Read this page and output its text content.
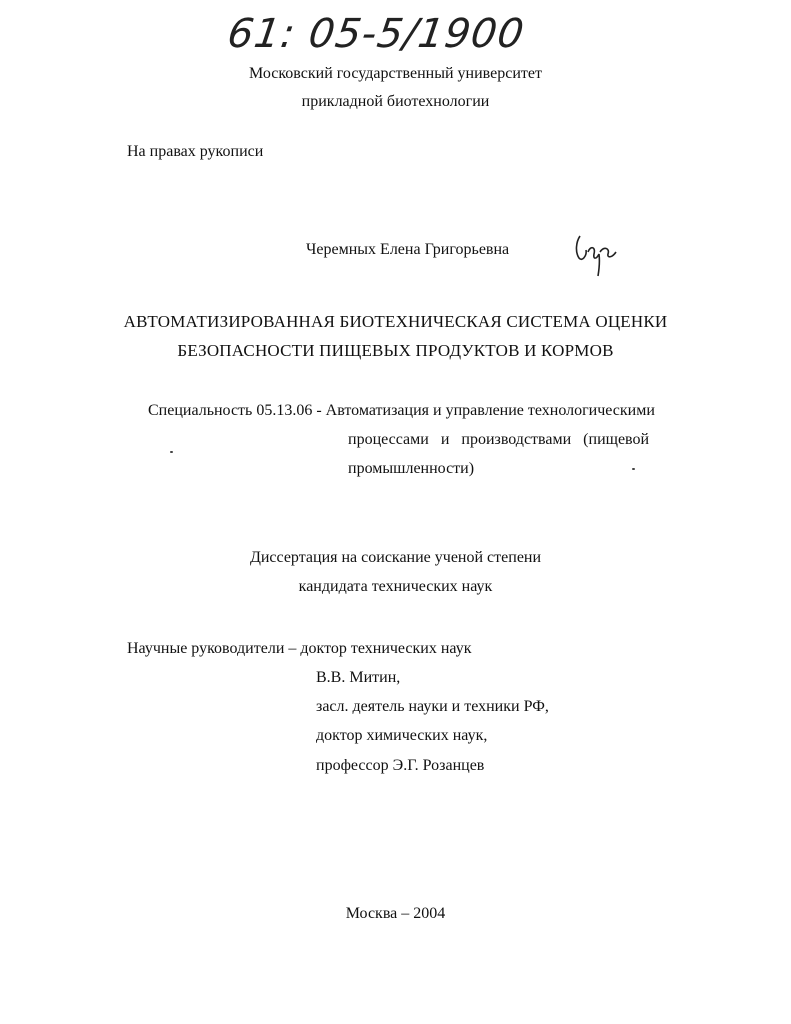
61: 05-5/1900
Московский государственный университет
прикладной биотехнологии
На правах рукописи
Черемных Елена Григорьевна
АВТОМАТИЗИРОВАННАЯ БИОТЕХНИЧЕСКАЯ СИСТЕМА ОЦЕНКИ
БЕЗОПАСНОСТИ ПИЩЕВЫХ ПРОДУКТОВ И КОРМОВ
Специальность 05.13.06 - Автоматизация и управление технологическими
процессами   и   производствами   (пищевой
промышленности)
Диссертация на соискание ученой степени
кандидата технических наук
Научные руководители – доктор технических наук
В.В. Митин,
засл. деятель науки и техники РФ,
доктор химических наук,
профессор Э.Г. Розанцев
Москва – 2004
